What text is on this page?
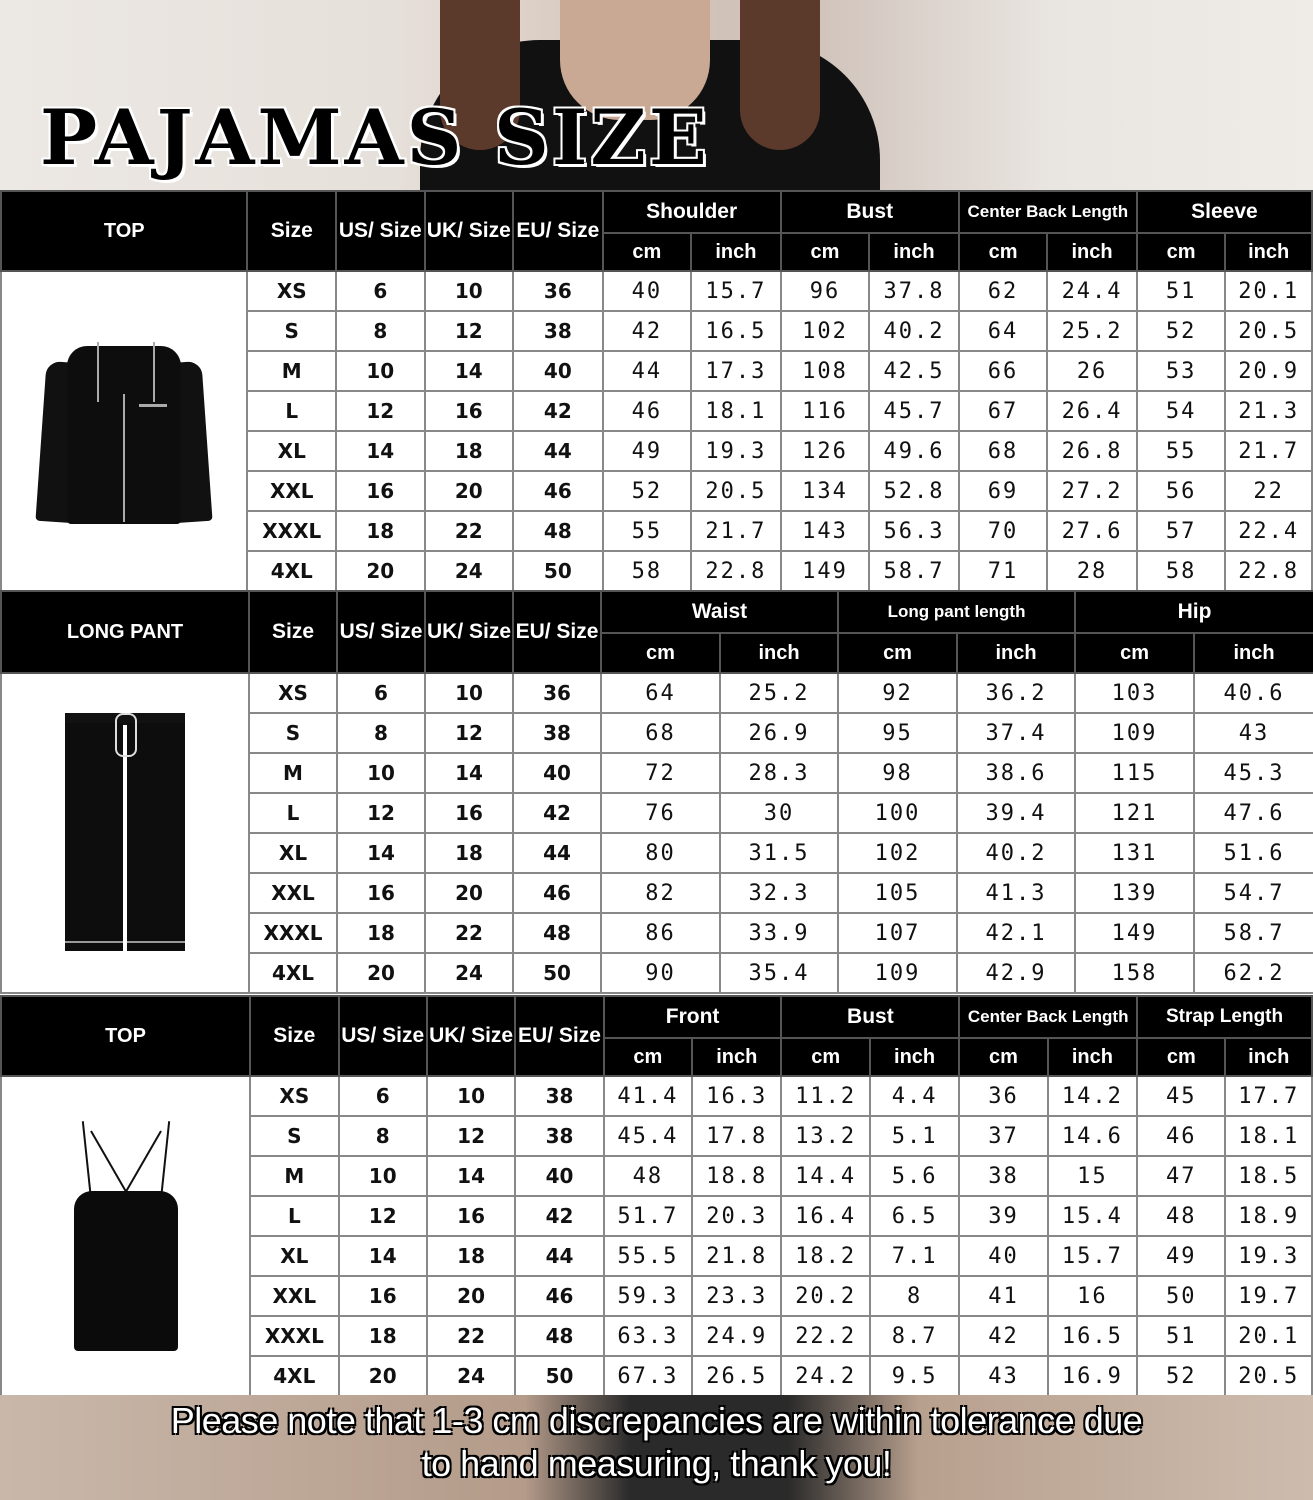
PAJAMAS SIZE
TOP	Size	US/ Size	UK/ Size	EU/ Size	Shoulder		Bust		Center Back Length		Sleeve	
					cm	inch	cm	inch	cm	inch	cm	inch

	XS	6	10	36	40	15.7	96	37.8	62	24.4	51	20.1
	S	8	12	38	42	16.5	102	40.2	64	25.2	52	20.5
	M	10	14	40	44	17.3	108	42.5	66	26	53	20.9
	L	12	16	42	46	18.1	116	45.7	67	26.4	54	21.3
	XL	14	18	44	49	19.3	126	49.6	68	26.8	55	21.7
	XXL	16	20	46	52	20.5	134	52.8	69	27.2	56	22
	XXXL	18	22	48	55	21.7	143	56.3	70	27.6	57	22.4
	4XL	20	24	50	58	22.8	149	58.7	71	28	58	22.8
LONG PANT	Size	US/ Size	UK/ Size	EU/ Size	Waist		Long pant length		Hip	
					cm	inch	cm	inch	cm	inch

	XS	6	10	36	64	25.2	92	36.2	103	40.6
	S	8	12	38	68	26.9	95	37.4	109	43
	M	10	14	40	72	28.3	98	38.6	115	45.3
	L	12	16	42	76	30	100	39.4	121	47.6
	XL	14	18	44	80	31.5	102	40.2	131	51.6
	XXL	16	20	46	82	32.3	105	41.3	139	54.7
	XXXL	18	22	48	86	33.9	107	42.1	149	58.7
	4XL	20	24	50	90	35.4	109	42.9	158	62.2
TOP	Size	US/ Size	UK/ Size	EU/ Size	Front		Bust		Center Back Length		Strap Length	
					cm	inch	cm	inch	cm	inch	cm	inch

	XS	6	10	38	41.4	16.3	11.2	4.4	36	14.2	45	17.7
	S	8	12	38	45.4	17.8	13.2	5.1	37	14.6	46	18.1
	M	10	14	40	48	18.8	14.4	5.6	38	15	47	18.5
	L	12	16	42	51.7	20.3	16.4	6.5	39	15.4	48	18.9
	XL	14	18	44	55.5	21.8	18.2	7.1	40	15.7	49	19.3
	XXL	16	20	46	59.3	23.3	20.2	8	41	16	50	19.7
	XXXL	18	22	48	63.3	24.9	22.2	8.7	42	16.5	51	20.1
	4XL	20	24	50	67.3	26.5	24.2	9.5	43	16.9	52	20.5
Please note that 1-3 cm discrepancies are within tolerance due
to hand measuring, thank you!
